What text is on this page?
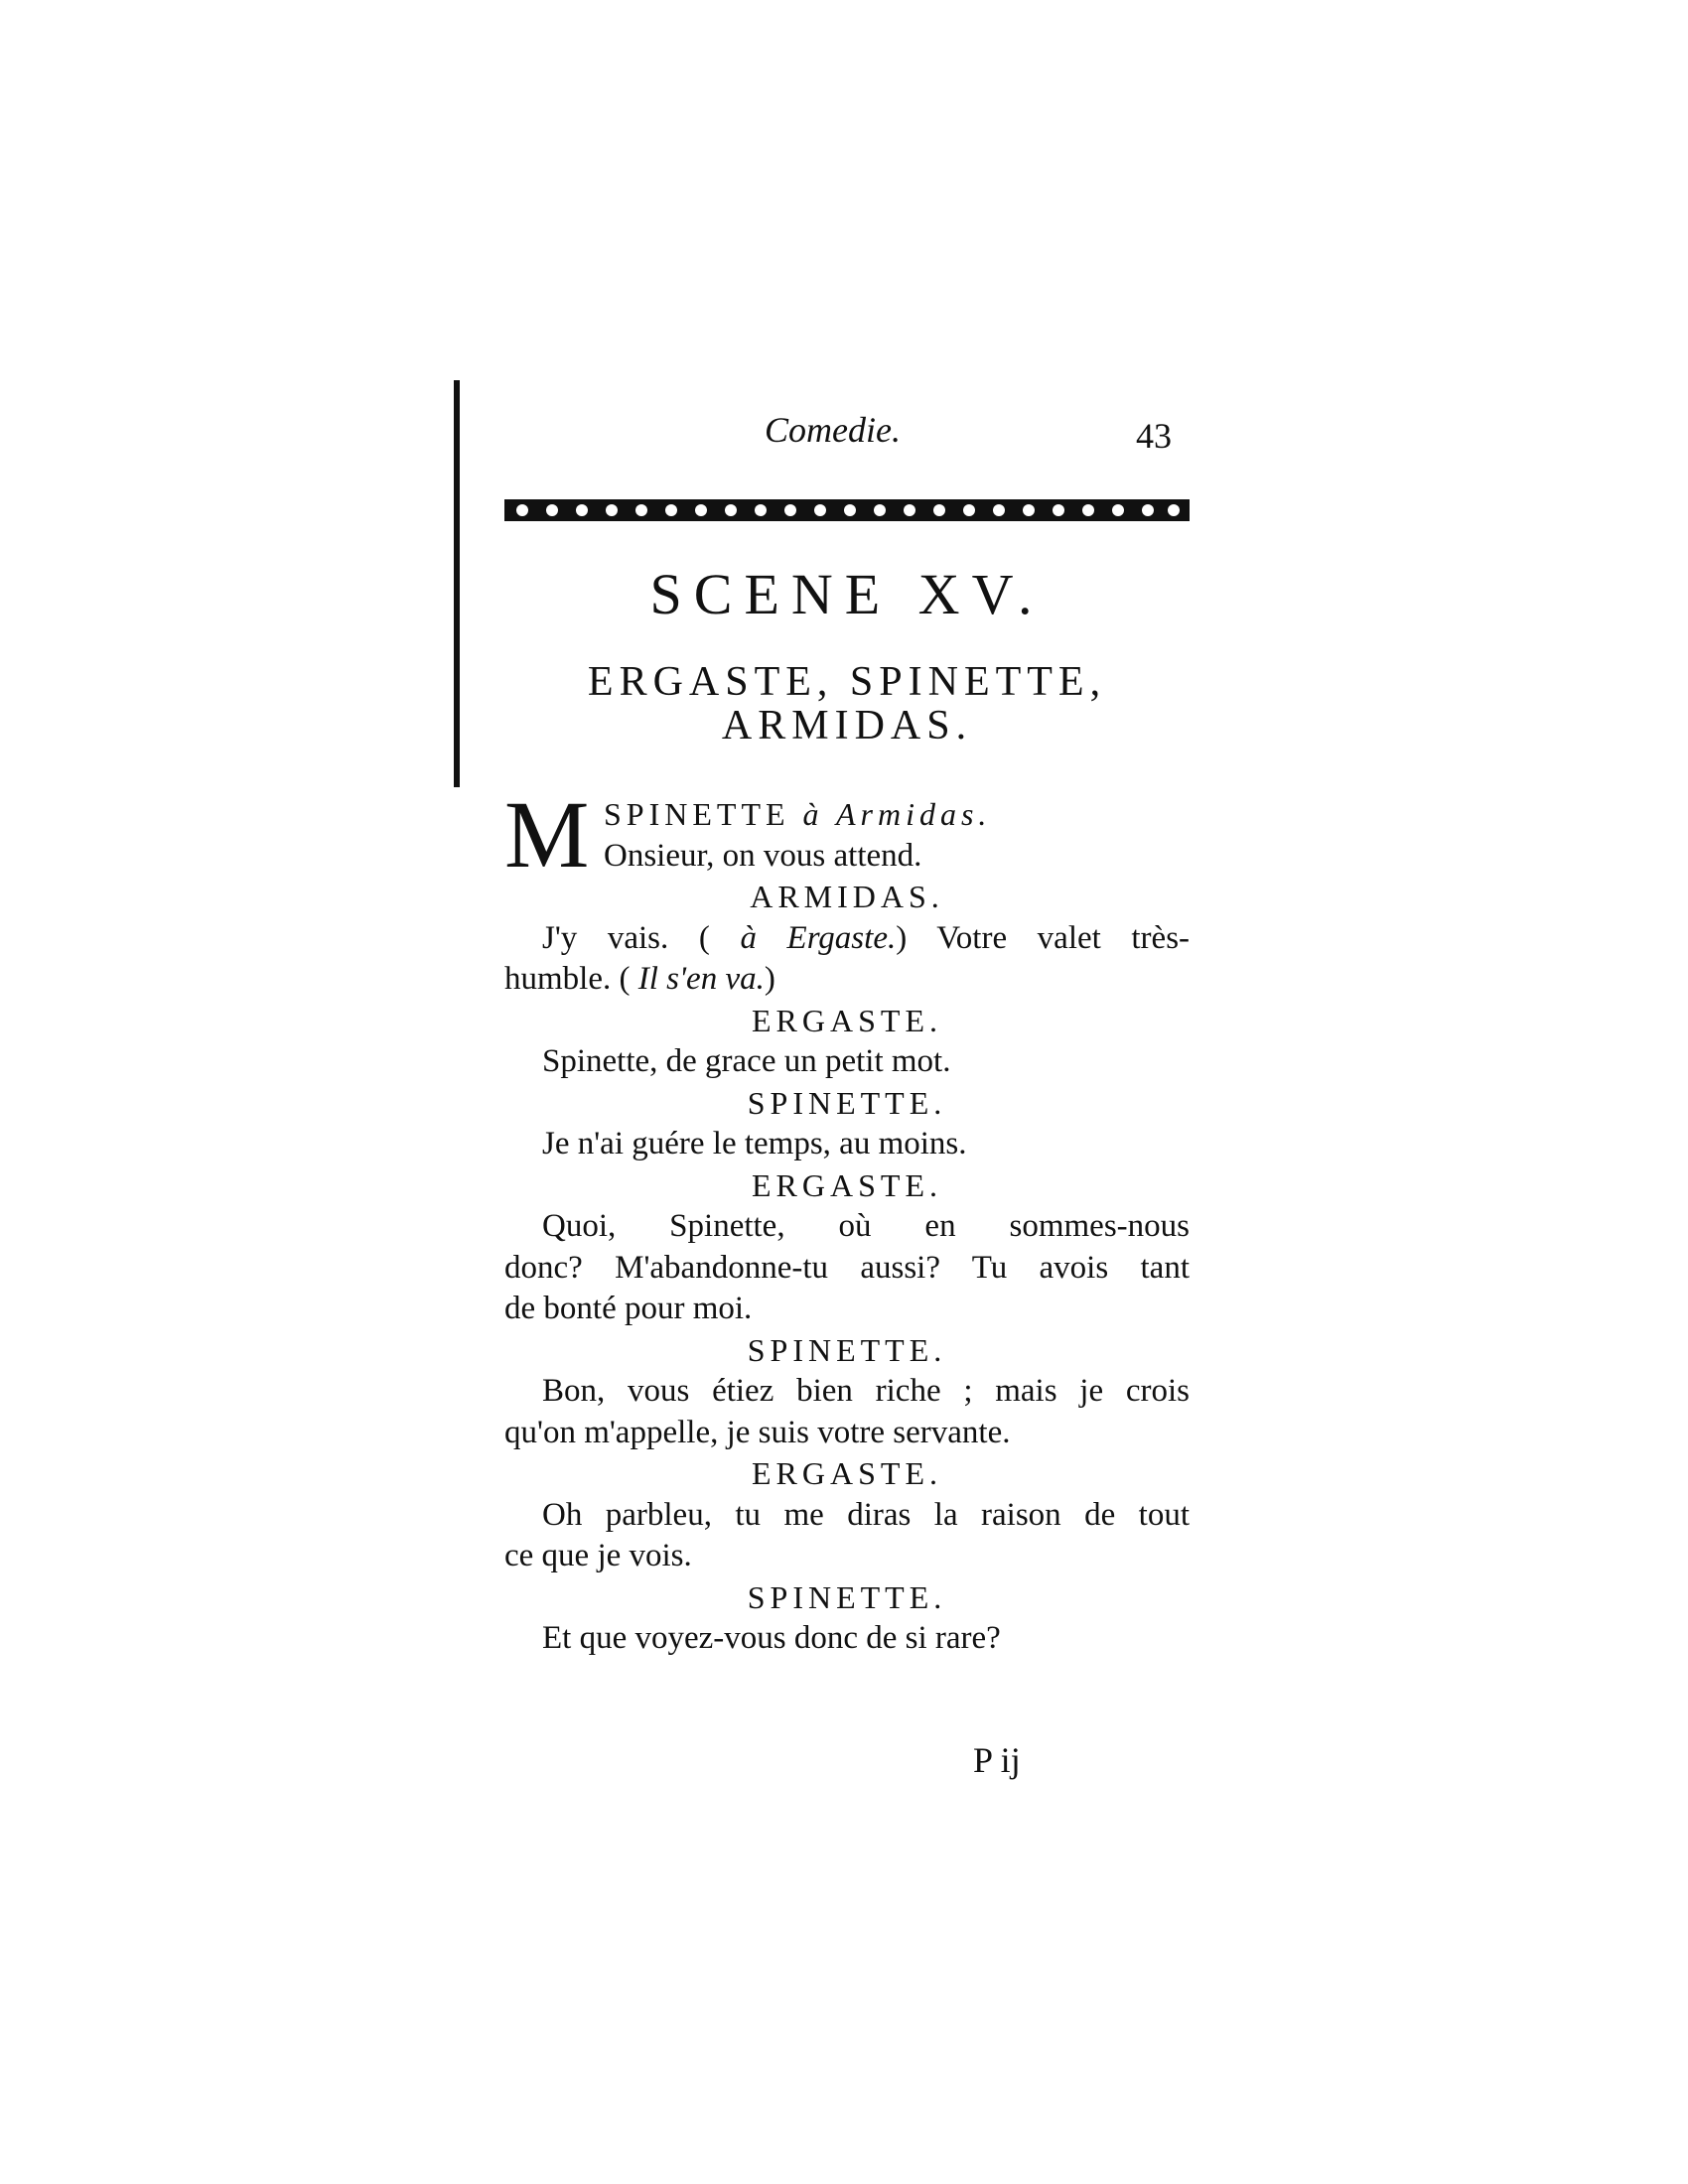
Comedie.	43
SCENE XV.
ERGASTE, SPINETTE,
ARMIDAS.
M SPINETTE à Armidas.
Onsieur, on vous attend.
ARMIDAS.
J'y vais. ( à Ergaste.) Votre valet très-
humble. ( Il s'en va.)
ERGASTE.
Spinette, de grace un petit mot.
SPINETTE.
Je n'ai guére le temps, au moins.
ERGASTE.
Quoi, Spinette, où en sommes-nous
donc? M'abandonne-tu aussi? Tu avois tant
de bonté pour moi.
SPINETTE.
Bon, vous étiez bien riche ; mais je crois
qu'on m'appelle, je suis votre servante.
ERGASTE.
Oh parbleu, tu me diras la raison de tout
ce que je vois.
SPINETTE.
Et que voyez-vous donc de si rare?
P ij
